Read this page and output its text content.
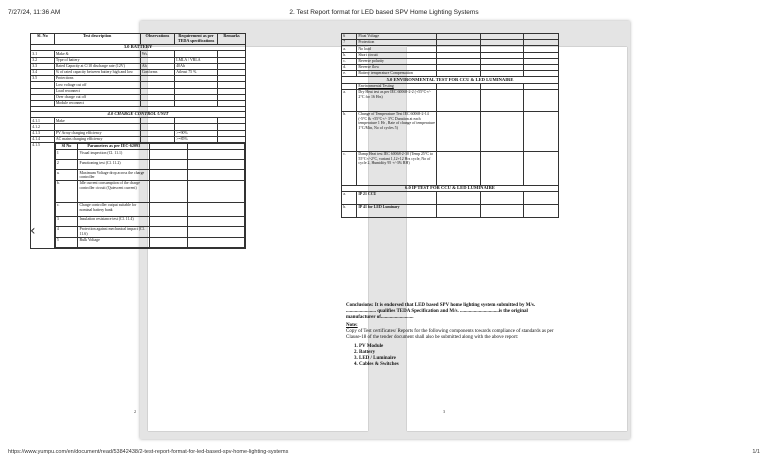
7/27/24, 11:36 AM	2. Test Report format for LED based SPV Home Lighting Systems
‹
Sl. No	Test description	Observations	Requirement as per TEDA specifications	Remarks
3.0 BATTERY
3.1	Make &	Ws.		
3.2	Type of battery		LMLA / VRLA	
3.3	Rated Capacity at C/10 discharge rate (12V)	Ah	40Ah	
3.4	% of rated capacity between battery high and low	Conforms	Atleast 75 %	
3.5	Protections			
	Low voltage cut off			
	Load reconnect			
	Over charge cut off			
	Module reconnect			

4.0 CHARGE CONTROL UNIT
4.1.1	Make			
4.1.2				
4.1.3	PV Array charging efficiency		>=90%	
4.1.4	AC mains charging efficiency		>=85%	
4.1.5		Sl No	Parameters as per IEC-62093		
1	Visual inspection (Cl. 11.1)		
2	Functioning test (Cl. 11.2)		
a.	Maximum Voltage drop across the charge controller		
b.	Idle current consumption of the charge controller circuit (Quiescent current)		
c.	Charge controller output suitable for nominal battery bank		
3	Insulation resistance test (Cl. 11.4)		
4	Protection against mechanical impact (Cl. 11.6)		
5	Bulk Voltage		
2
6	Float Voltage			
7	Protection			
a.	No load			
b.	Short circuit			
c.	Reverse polarity			
d.	Reverse flow			
e.	Battery temperature Compensation			
5.0 ENVIRONMENTAL TEST FOR CCU & LED LUMINAIRE				
	Environmental Testing			
a.	Dry Heat test as per IEC 60068-2-2 (+55°C+/- 2°C for 16 Hrs)			
b.	Change of Temperature Test IEC 60068-2-14 (-5°C & +55°C+/- 3°C Duration at each temperature 1 Hr , Rate of change of temperature 1°C/Min, No of cycles 5)			
c.	Damp Heat test IEC 60068-2-30 (Temp 25°C to 55°C+/-2°C, variant 1,12+12 Hrs cycle, No of cycle 2, Humidity 95 +/-3% RH)			
6.0 IP TEST FOR CCU & LED LUMINAIRE				
a.	IP 21 CCU			
b.	IP 41 for LED Luminary			

Conclusions: It is endorsed that LED based SPV home lighting system submitted by M/s. ........................ qualifies TEDA Specification and M/s. ...............................is the original manufacturer of..........................

Note:

Copy of Test certificates/ Reports for the following components towards compliance of standards as per Clause-18 of the tender document shall also be submitted along with the above report:

1. PV Module
2. Battery
3. LED / Luminaire
4. Cables & Switches
3
https://www.yumpu.com/en/document/read/53842438/2-test-report-format-for-led-based-spv-home-lighting-systems	1/1
